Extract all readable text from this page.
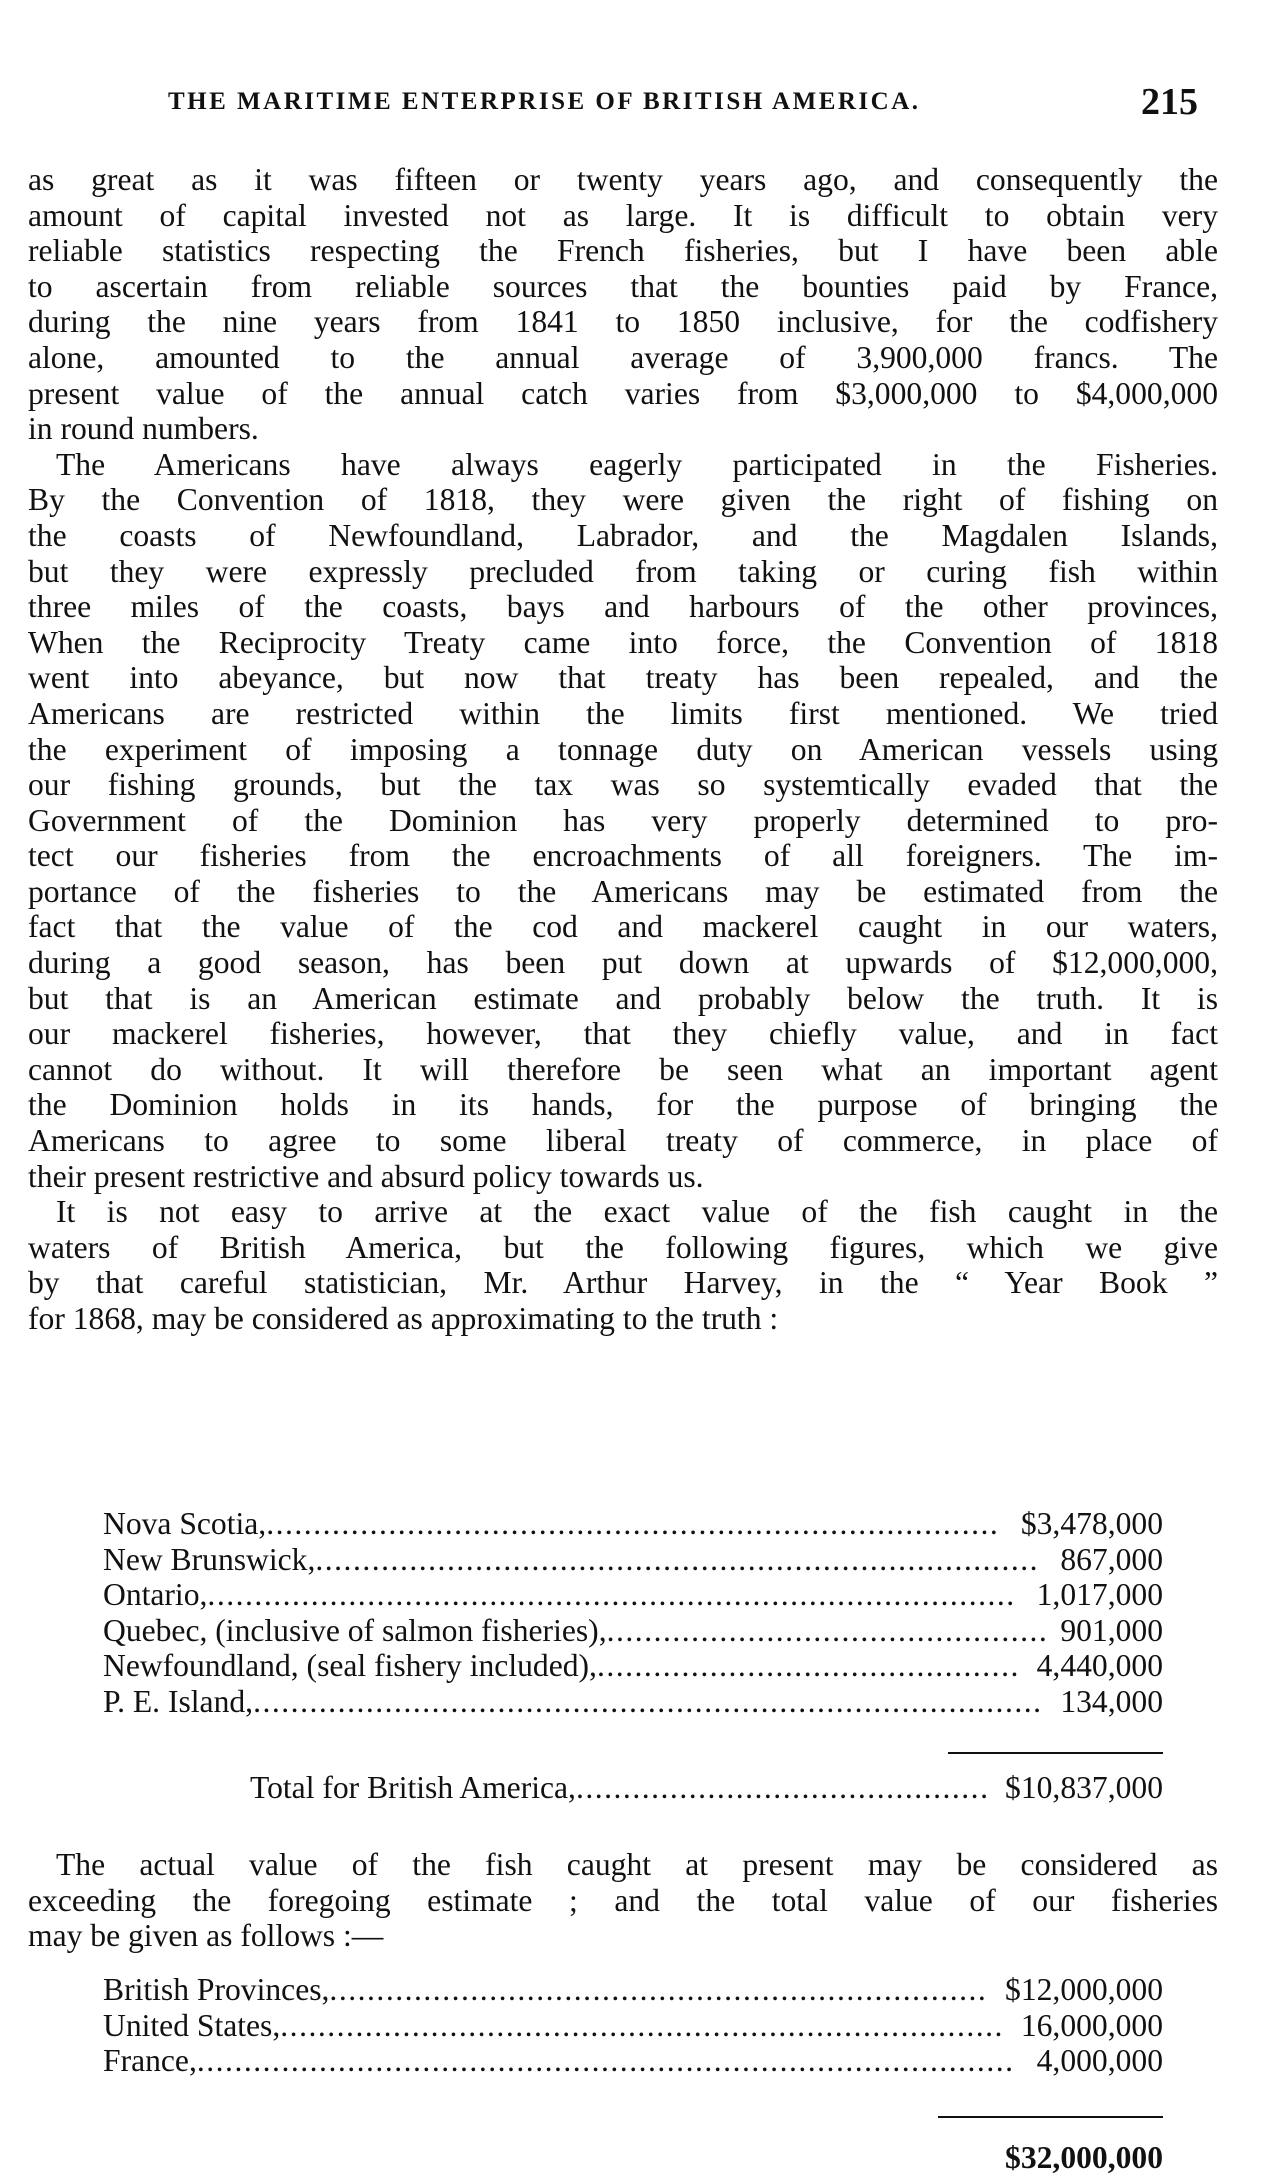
THE MARITIME ENTERPRISE OF BRITISH AMERICA.	215
as great as it was fifteen or twenty years ago, and consequently the
amount of capital invested not as large. It is difficult to obtain very
reliable statistics respecting the French fisheries, but I have been able
to ascertain from reliable sources that the bounties paid by France,
during the nine years from 1841 to 1850 inclusive, for the codfishery
alone, amounted to the annual average of 3,900,000 francs. The
present value of the annual catch varies from $3,000,000 to $4,000,000
in round numbers.
The Americans have always eagerly participated in the Fisheries.
By the Convention of 1818, they were given the right of fishing on
the coasts of Newfoundland, Labrador, and the Magdalen Islands,
but they were expressly precluded from taking or curing fish within
three miles of the coasts, bays and harbours of the other provinces,
When the Reciprocity Treaty came into force, the Convention of 1818
went into abeyance, but now that treaty has been repealed, and the
Americans are restricted within the limits first mentioned. We tried
the experiment of imposing a tonnage duty on American vessels using
our fishing grounds, but the tax was so systemtically evaded that the
Government of the Dominion has very properly determined to pro-
tect our fisheries from the encroachments of all foreigners. The im-
portance of the fisheries to the Americans may be estimated from the
fact that the value of the cod and mackerel caught in our waters,
during a good season, has been put down at upwards of $12,000,000,
but that is an American estimate and probably below the truth. It is
our mackerel fisheries, however, that they chiefly value, and in fact
cannot do without. It will therefore be seen what an important agent
the Dominion holds in its hands, for the purpose of bringing the
Americans to agree to some liberal treaty of commerce, in place of
their present restrictive and absurd policy towards us.
It is not easy to arrive at the exact value of the fish caught in the
waters of British America, but the following figures, which we give
by that careful statistician, Mr. Arthur Harvey, in the “ Year Book ”
for 1868, may be considered as approximating to the truth :
Nova Scotia,.............................................................................. $3,478,000
New Brunswick,............................................................................. 867,000
Ontario,...................................................................................... 1,017,000
Quebec, (inclusive of salmon fisheries),............................................... 901,000
Newfoundland, (seal fishery included),............................................. 4,440,000
P. E. Island,.................................................................................... 134,000
Total for British America,............................................ $10,837,000
The actual value of the fish caught at present may be considered as
exceeding the foregoing estimate ; and the total value of our fisheries
may be given as follows :—
British Provinces,...................................................................... $12,000,000
United States,............................................................................. 16,000,000
France,....................................................................................... 4,000,000
$32,000,000
